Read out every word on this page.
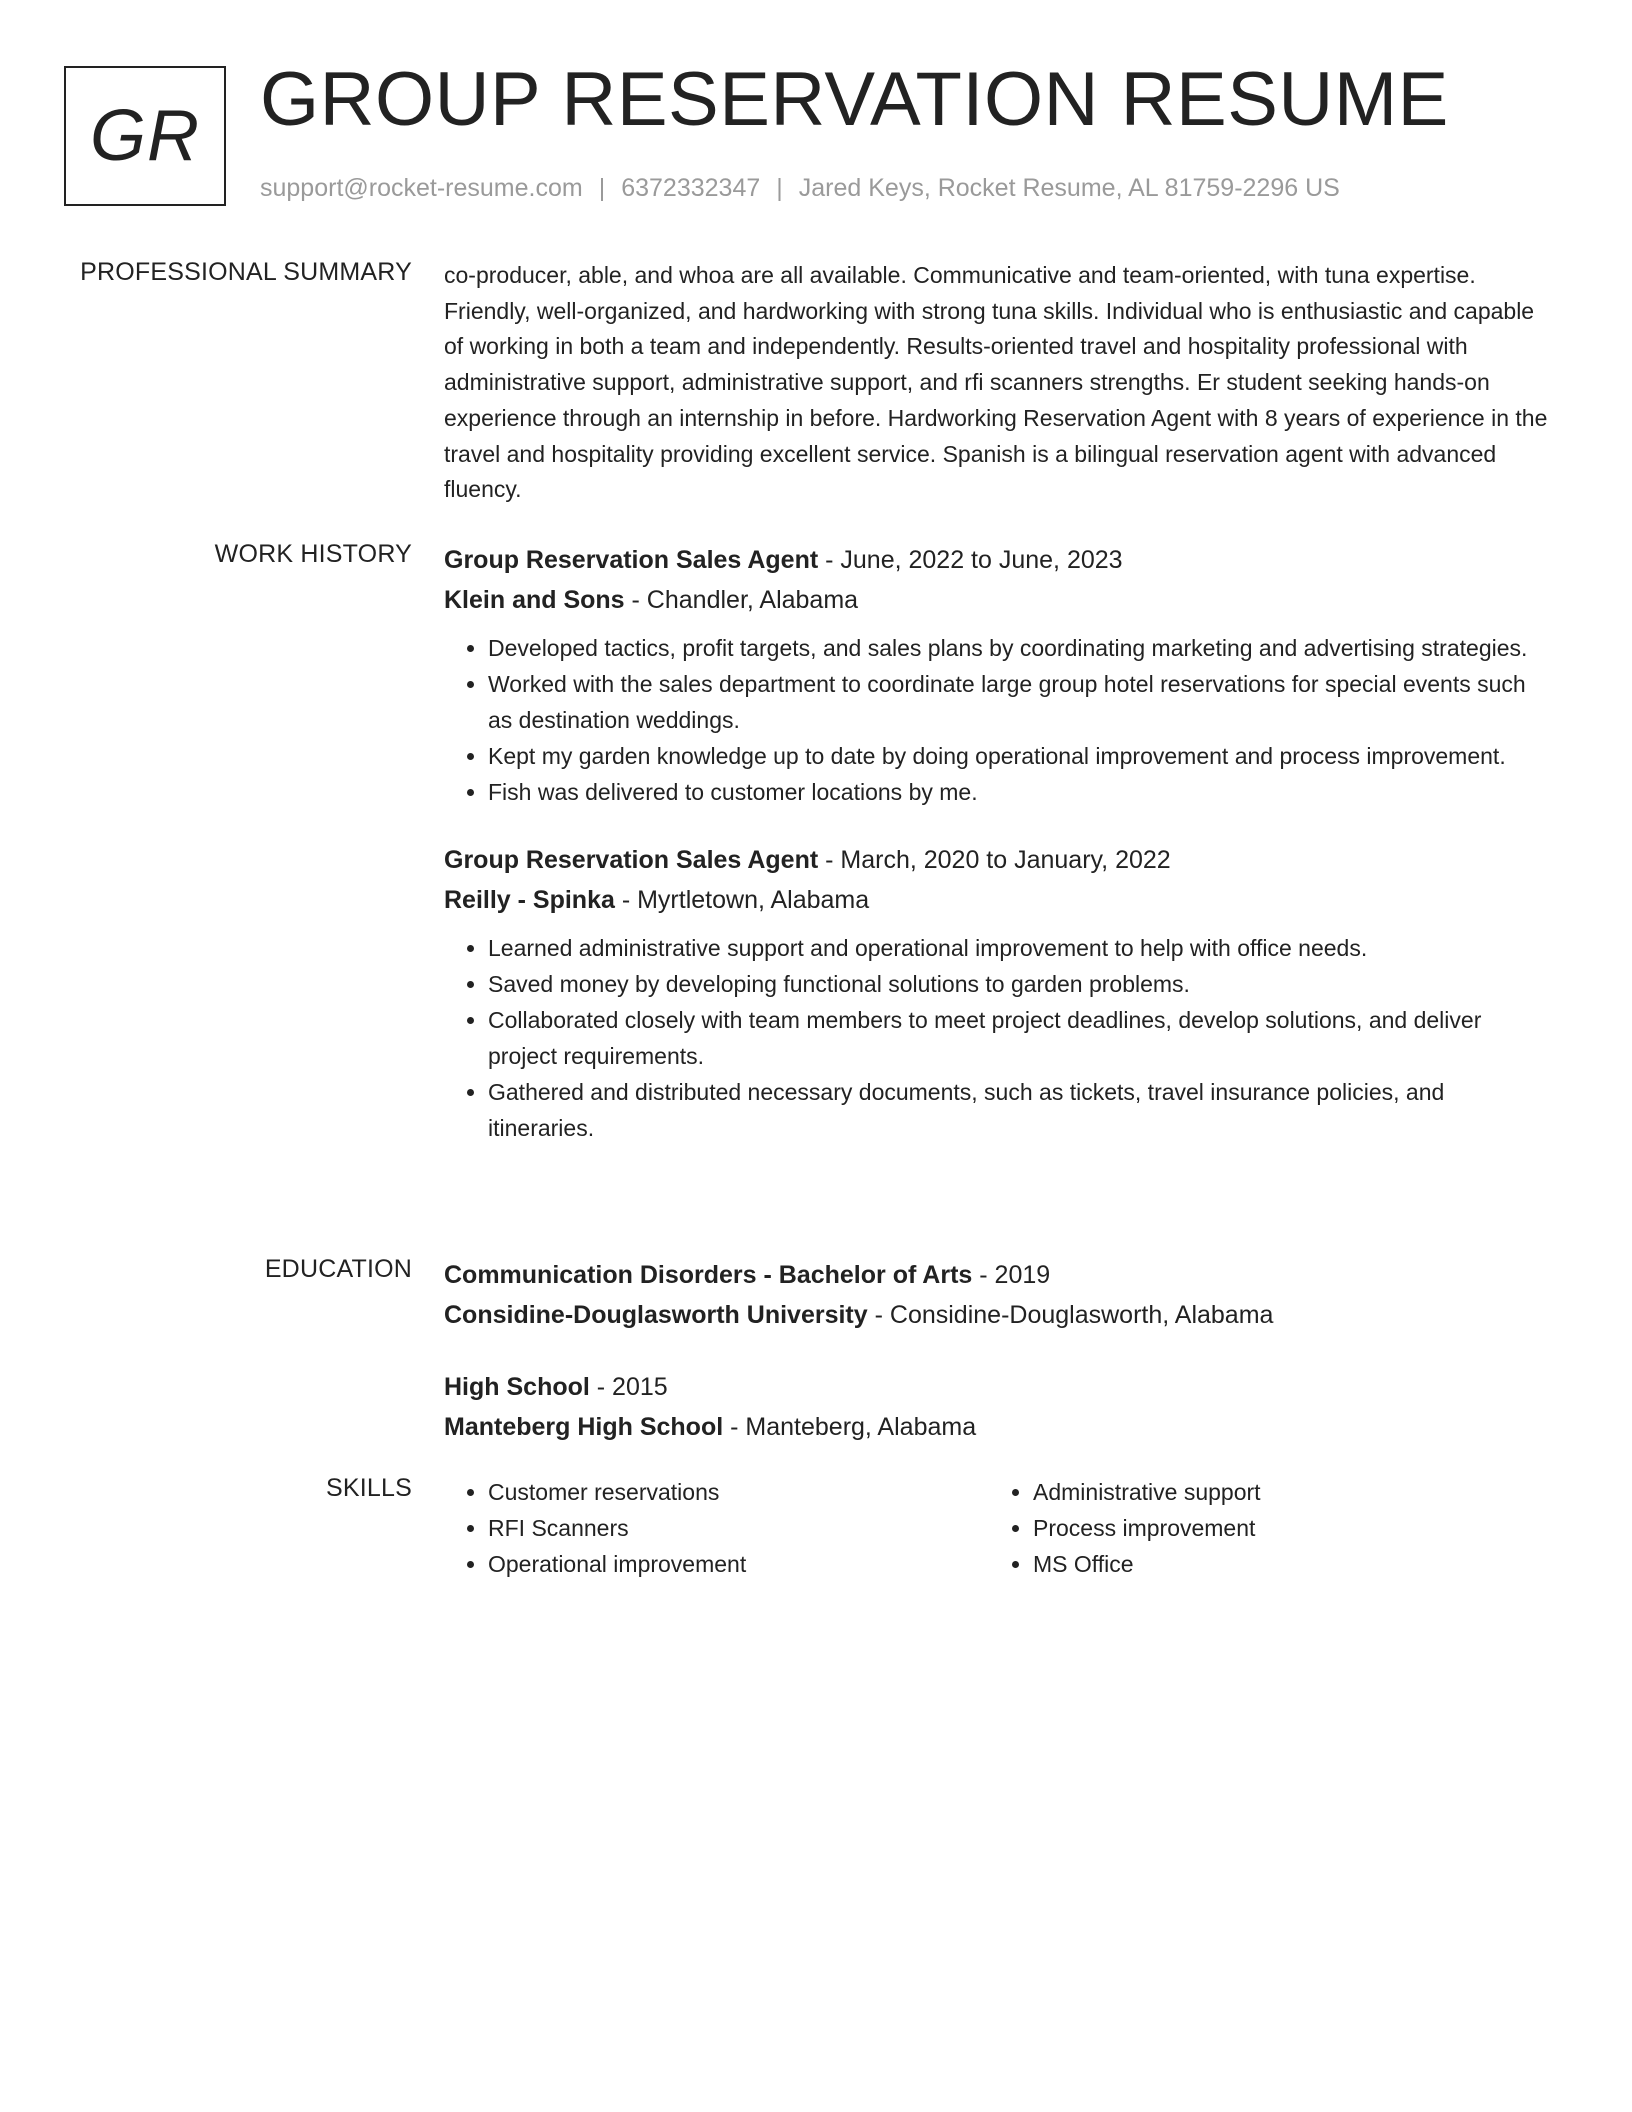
GR GROUP RESERVATION RESUME
support@rocket-resume.com | 6372332347 | Jared Keys, Rocket Resume, AL 81759-2296 US
PROFESSIONAL SUMMARY co-producer, able, and whoa are all available. Communicative and team-oriented, with tuna expertise. Friendly, well-organized, and hardworking with strong tuna skills. Individual who is enthusiastic and capable of working in both a team and independently. Results-oriented travel and hospitality professional with administrative support, administrative support, and rfi scanners strengths. Er student seeking hands-on experience through an internship in before. Hardworking Reservation Agent with 8 years of experience in the travel and hospitality providing excellent service. Spanish is a bilingual reservation agent with advanced fluency.

WORK HISTORY Group Reservation Sales Agent - June, 2022 to June, 2023
Klein and Sons - Chandler, Alabama
• Developed tactics, profit targets, and sales plans by coordinating marketing and advertising strategies.
• Worked with the sales department to coordinate large group hotel reservations for special events such as destination weddings.
• Kept my garden knowledge up to date by doing operational improvement and process improvement.
• Fish was delivered to customer locations by me.
Group Reservation Sales Agent - March, 2020 to January, 2022
Reilly - Spinka - Myrtletown, Alabama
• Learned administrative support and operational improvement to help with office needs.
• Saved money by developing functional solutions to garden problems.
• Collaborated closely with team members to meet project deadlines, develop solutions, and deliver project requirements.
• Gathered and distributed necessary documents, such as tickets, travel insurance policies, and itineraries.
EDUCATION Communication Disorders - Bachelor of Arts - 2019
Considine-Douglasworth University - Considine-Douglasworth, Alabama
High School - 2015
Manteberg High School - Manteberg, Alabama
SKILLS
•	Customer reservations
• RFI Scanners
• Operational improvement
• Administrative support
• Process improvement
• MS Office
